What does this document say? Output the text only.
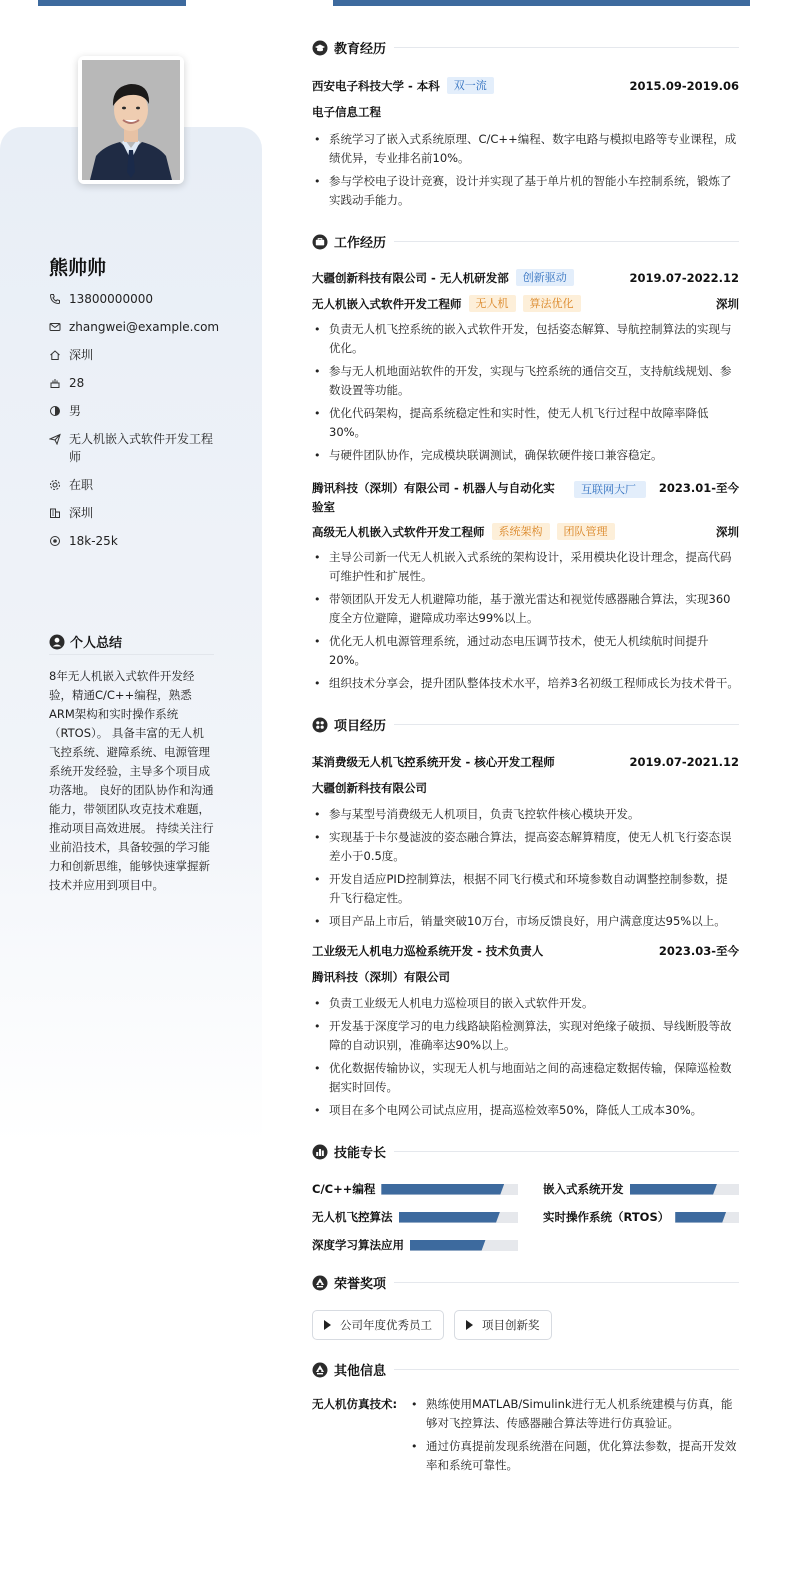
熊帅帅
13800000000
zhangwei@example.com
深圳
28
男
无人机嵌入式软件开发工程师
在职
深圳
18k-25k
个人总结
8年无人机嵌入式软件开发经验，精通C/C++编程，熟悉ARM架构和实时操作系统（RTOS）。 具备丰富的无人机飞控系统、避障系统、电源管理系统开发经验，主导多个项目成功落地。 良好的团队协作和沟通能力，带领团队攻克技术难题，推动项目高效进展。 持续关注行业前沿技术，具备较强的学习能力和创新思维，能够快速掌握新技术并应用到项目中。
教育经历
西安电子科技大学 - 本科	双一流	2015.09-2019.06
电子信息工程
• 系统学习了嵌入式系统原理、C/C++编程、数字电路与模拟电路等专业课程，成绩优异，专业排名前10%。
• 参与学校电子设计竞赛，设计并实现了基于单片机的智能小车控制系统，锻炼了实践动手能力。
工作经历
大疆创新科技有限公司 - 无人机研发部	创新驱动	2019.07-2022.12
无人机嵌入式软件开发工程师	无人机	算法优化	深圳
• 负责无人机飞控系统的嵌入式软件开发，包括姿态解算、导航控制算法的实现与优化。
• 参与无人机地面站软件的开发，实现与飞控系统的通信交互，支持航线规划、参数设置等功能。
• 优化代码架构，提高系统稳定性和实时性，使无人机飞行过程中故障率降低30%。
• 与硬件团队协作，完成模块联调测试，确保软硬件接口兼容稳定。
腾讯科技（深圳）有限公司 - 机器人与自动化实验室
互联网大厂	2023.01-至今
高级无人机嵌入式软件开发工程师	系统架构	团队管理	深圳
• 主导公司新一代无人机嵌入式系统的架构设计，采用模块化设计理念，提高代码可维护性和扩展性。
• 带领团队开发无人机避障功能，基于激光雷达和视觉传感器融合算法，实现360度全方位避障，避障成功率达99%以上。
• 优化无人机电源管理系统，通过动态电压调节技术，使无人机续航时间提升20%。
• 组织技术分享会，提升团队整体技术水平，培养3名初级工程师成长为技术骨干。
项目经历
某消费级无人机飞控系统开发 - 核心开发工程师	2019.07-2021.12
大疆创新科技有限公司
• 参与某型号消费级无人机项目，负责飞控软件核心模块开发。
• 实现基于卡尔曼滤波的姿态融合算法，提高姿态解算精度，使无人机飞行姿态误差小于0.5度。
• 开发自适应PID控制算法，根据不同飞行模式和环境参数自动调整控制参数，提升飞行稳定性。
• 项目产品上市后，销量突破10万台，市场反馈良好，用户满意度达95%以上。
工业级无人机电力巡检系统开发 - 技术负责人	2023.03-至今
腾讯科技（深圳）有限公司
• 负责工业级无人机电力巡检项目的嵌入式软件开发。
• 开发基于深度学习的电力线路缺陷检测算法，实现对绝缘子破损、导线断股等故障的自动识别，准确率达90%以上。
• 优化数据传输协议，实现无人机与地面站之间的高速稳定数据传输，保障巡检数据实时回传。
• 项目在多个电网公司试点应用，提高巡检效率50%，降低人工成本30%。
技能专长
C/C++编程	嵌入式系统开发
无人机飞控算法	实时操作系统（RTOS）
深度学习算法应用
荣誉奖项
公司年度优秀员工	项目创新奖
其他信息
无人机仿真技术:
•	熟练使用MATLAB/Simulink进行无人机系统建模与仿真，能够对飞控算法、传感器融合算法等进行仿真验证。
• 通过仿真提前发现系统潜在问题，优化算法参数，提高开发效率和系统可靠性。
